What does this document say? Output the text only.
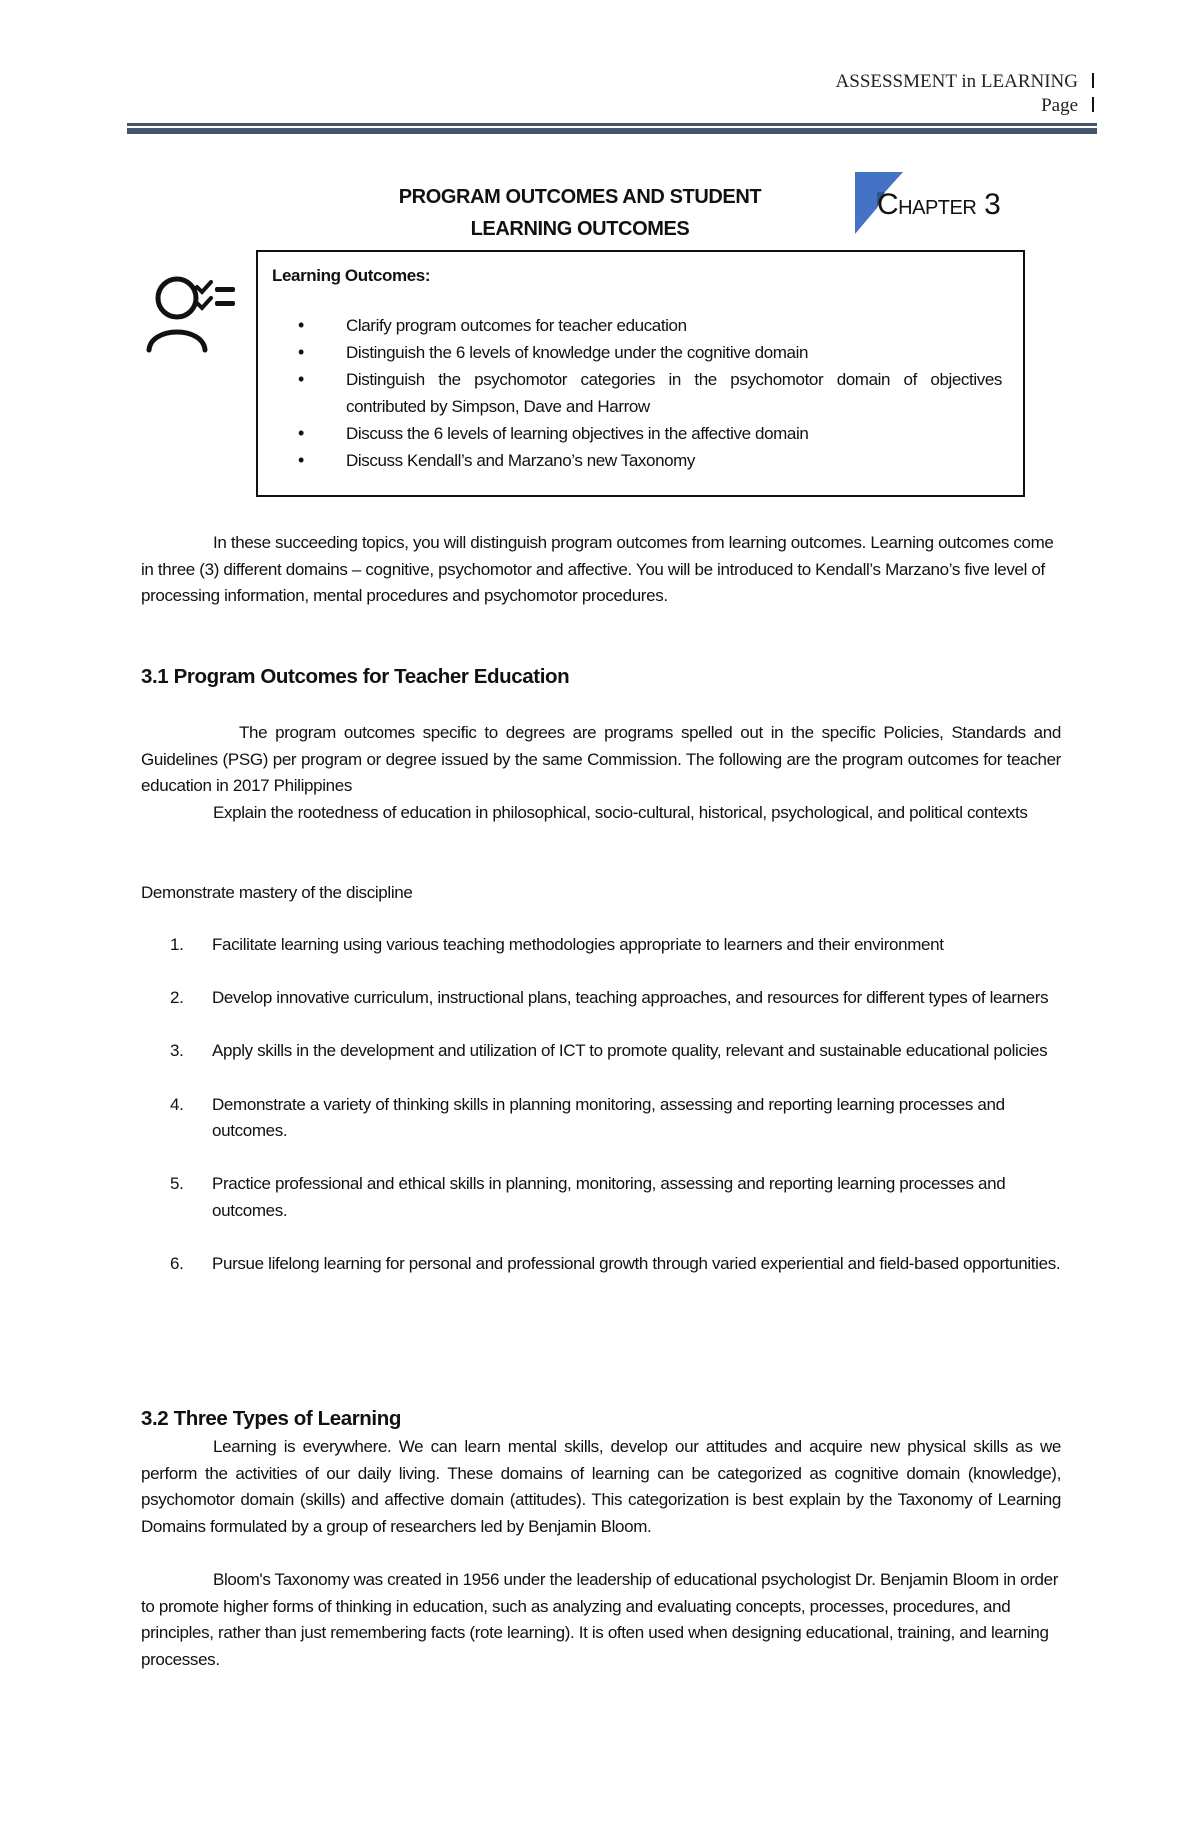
ASSESSMENT in LEARNING
Page
PROGRAM OUTCOMES AND STUDENT
LEARNING OUTCOMES
CHAPTER 3
Learning Outcomes:
• Clarify program outcomes for teacher education
• Distinguish the 6 levels of knowledge under the cognitive domain
• Distinguish the psychomotor categories in the psychomotor domain of objectives contributed by Simpson, Dave and Harrow
• Discuss the 6 levels of learning objectives in the affective domain
• Discuss Kendall’s and Marzano’s new Taxonomy
In these succeeding topics, you will distinguish program outcomes from learning outcomes. Learning outcomes come in three (3) different domains – cognitive, psychomotor and affective. You will be introduced to Kendall’s Marzano’s five level of processing information, mental procedures and psychomotor procedures.
3.1 Program Outcomes for Teacher Education
The program outcomes specific to degrees are programs spelled out in the specific Policies, Standards and Guidelines (PSG) per program or degree issued by the same Commission. The following are the program outcomes for teacher education in 2017 Philippines
Explain the rootedness of education in philosophical, socio-cultural, historical, psychological, and political contexts
Demonstrate mastery of the discipline
1. Facilitate learning using various teaching methodologies appropriate to learners and their environment
2. Develop innovative curriculum, instructional plans, teaching approaches, and resources for different types of learners
3. Apply skills in the development and utilization of ICT to promote quality, relevant and sustainable educational policies
4. Demonstrate a variety of thinking skills in planning monitoring, assessing and reporting learning processes and outcomes.
5. Practice professional and ethical skills in planning, monitoring, assessing and reporting learning processes and outcomes.
6. Pursue lifelong learning for personal and professional growth through varied experiential and field-based opportunities.
3.2 Three Types of Learning
Learning is everywhere. We can learn mental skills, develop our attitudes and acquire new physical skills as we perform the activities of our daily living. These domains of learning can be categorized as cognitive domain (knowledge), psychomotor domain (skills) and affective domain (attitudes). This categorization is best explain by the Taxonomy of Learning Domains formulated by a group of researchers led by Benjamin Bloom.
Bloom's Taxonomy was created in 1956 under the leadership of educational psychologist Dr. Benjamin Bloom in order to promote higher forms of thinking in education, such as analyzing and evaluating concepts, processes, procedures, and principles, rather than just remembering facts (rote learning). It is often used when designing educational, training, and learning processes.
